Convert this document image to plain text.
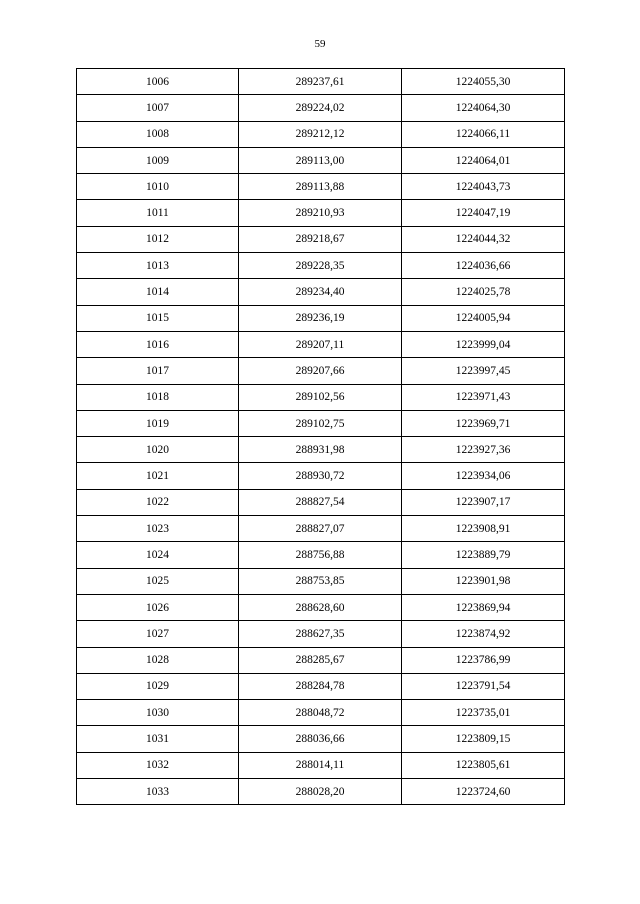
59
1006	289237,61	1224055,30
1007	289224,02	1224064,30
1008	289212,12	1224066,11
1009	289113,00	1224064,01
1010	289113,88	1224043,73
1011	289210,93	1224047,19
1012	289218,67	1224044,32
1013	289228,35	1224036,66
1014	289234,40	1224025,78
1015	289236,19	1224005,94
1016	289207,11	1223999,04
1017	289207,66	1223997,45
1018	289102,56	1223971,43
1019	289102,75	1223969,71
1020	288931,98	1223927,36
1021	288930,72	1223934,06
1022	288827,54	1223907,17
1023	288827,07	1223908,91
1024	288756,88	1223889,79
1025	288753,85	1223901,98
1026	288628,60	1223869,94
1027	288627,35	1223874,92
1028	288285,67	1223786,99
1029	288284,78	1223791,54
1030	288048,72	1223735,01
1031	288036,66	1223809,15
1032	288014,11	1223805,61
1033	288028,20	1223724,60
